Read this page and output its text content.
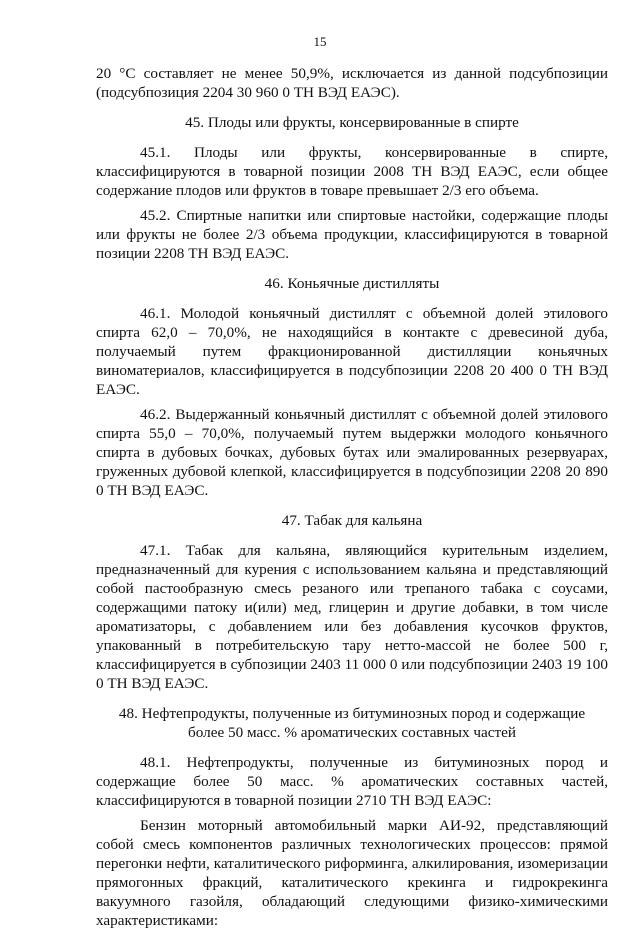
15

20 °С составляет не менее 50,9%, исключается из данной подсубпозиции (подсубпозиция 2204 30 960 0 ТН ВЭД ЕАЭС).

45. Плоды или фрукты, консервированные в спирте

45.1. Плоды или фрукты, консервированные в спирте, классифицируются в товарной позиции 2008 ТН ВЭД ЕАЭС, если общее содержание плодов или фруктов в товаре превышает 2/3 его объема.

45.2. Спиртные напитки или спиртовые настойки, содержащие плоды или фрукты не более 2/3 объема продукции, классифицируются в товарной позиции 2208 ТН ВЭД ЕАЭС.

46. Коньячные дистилляты

46.1. Молодой коньячный дистиллят с объемной долей этилового спирта 62,0 – 70,0%, не находящийся в контакте с древесиной дуба, получаемый путем фракционированной дистилляции коньячных виноматериалов, классифицируется в подсубпозиции 2208 20 400 0 ТН ВЭД ЕАЭС.

46.2. Выдержанный коньячный дистиллят с объемной долей этилового спирта 55,0 – 70,0%, получаемый путем выдержки молодого коньячного спирта в дубовых бочках, дубовых бутах или эмалированных резервуарах, груженных дубовой клепкой, классифицируется в подсубпозиции 2208 20 890 0 ТН ВЭД ЕАЭС.

47. Табак для кальяна

47.1. Табак для кальяна, являющийся курительным изделием, предназначенный для курения с использованием кальяна и представляющий собой пастообразную смесь резаного или трепаного табака с соусами, содержащими патоку и(или) мед, глицерин и другие добавки, в том числе ароматизаторы, с добавлением или без добавления кусочков фруктов, упакованный в потребительскую тару нетто-массой не более 500 г, классифицируется в субпозиции 2403 11 000 0 или подсубпозиции 2403 19 100 0 ТН ВЭД ЕАЭС.

48. Нефтепродукты, полученные из битуминозных пород и содержащие

более 50 масс. % ароматических составных частей

48.1. Нефтепродукты, полученные из битуминозных пород и содержащие более 50 масс. % ароматических составных частей, классифицируются в товарной позиции 2710 ТН ВЭД ЕАЭС:

Бензин моторный автомобильный марки АИ-92, представляющий собой смесь компонентов различных технологических процессов: прямой перегонки нефти, каталитического риформинга, алкилирования, изомеризации прямогонных фракций, каталитического крекинга и гидрокрекинга вакуумного газойля, обладающий следующими физико-химическими характеристиками:
